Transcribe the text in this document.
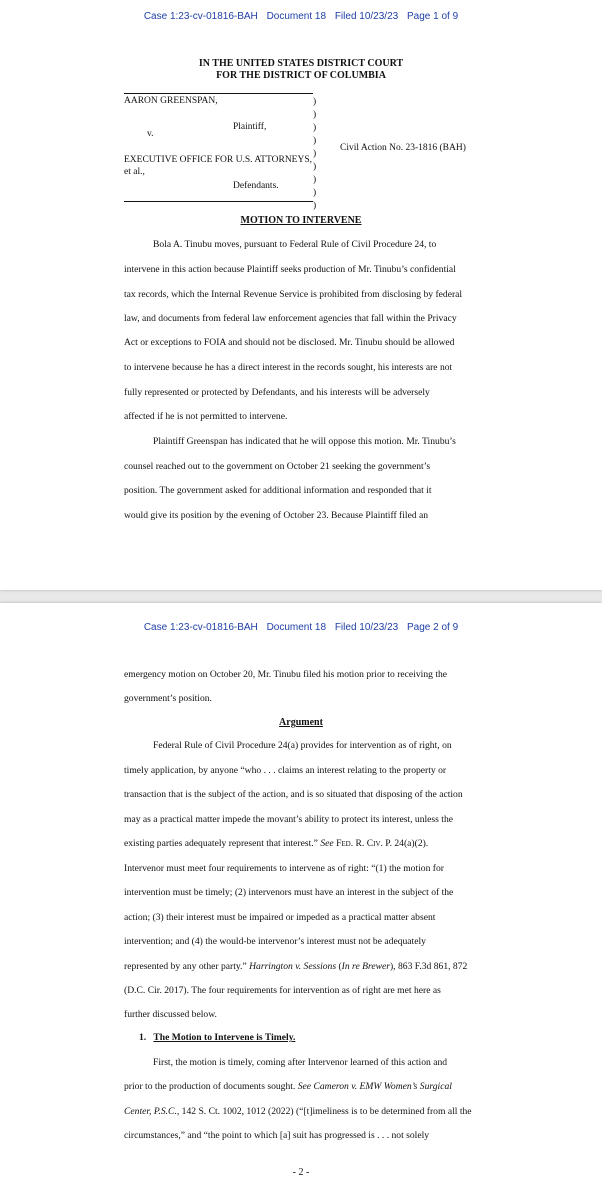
Case 1:23-cv-01816-BAH Document 18 Filed 10/23/23 Page 1 of 9
IN THE UNITED STATES DISTRICT COURT
FOR THE DISTRICT OF COLUMBIA
AARON GREENSPAN,
Plaintiff,
v.
EXECUTIVE OFFICE FOR U.S. ATTORNEYS,
et al.,
Defendants.
)
)
)
)
)
)
)
)
)
Civil Action No. 23-1816 (BAH)
MOTION TO INTERVENE
Bola A. Tinubu moves, pursuant to Federal Rule of Civil Procedure 24, to
intervene in this action because Plaintiff seeks production of Mr. Tinubu’s confidential
tax records, which the Internal Revenue Service is prohibited from disclosing by federal
law, and documents from federal law enforcement agencies that fall within the Privacy
Act or exceptions to FOIA and should not be disclosed. Mr. Tinubu should be allowed
to intervene because he has a direct interest in the records sought, his interests are not
fully represented or protected by Defendants, and his interests will be adversely
affected if he is not permitted to intervene.
Plaintiff Greenspan has indicated that he will oppose this motion. Mr. Tinubu’s
counsel reached out to the government on October 21 seeking the government’s
position. The government asked for additional information and responded that it
would give its position by the evening of October 23. Because Plaintiff filed an
Case 1:23-cv-01816-BAH Document 18 Filed 10/23/23 Page 2 of 9
emergency motion on October 20, Mr. Tinubu filed his motion prior to receiving the
government’s position.
Argument
Federal Rule of Civil Procedure 24(a) provides for intervention as of right, on
timely application, by anyone “who . . . claims an interest relating to the property or
transaction that is the subject of the action, and is so situated that disposing of the action
may as a practical matter impede the movant’s ability to protect its interest, unless the
existing parties adequately represent that interest.” See Fed. R. Civ. P. 24(a)(2).
Intervenor must meet four requirements to intervene as of right: “(1) the motion for
intervention must be timely; (2) intervenors must have an interest in the subject of the
action; (3) their interest must be impaired or impeded as a practical matter absent
intervention; and (4) the would-be intervenor’s interest must not be adequately
represented by any other party.” Harrington v. Sessions (In re Brewer), 863 F.3d 861, 872
(D.C. Cir. 2017). The four requirements for intervention as of right are met here as
further discussed below.
1. The Motion to Intervene is Timely.
First, the motion is timely, coming after Intervenor learned of this action and
prior to the production of documents sought. See Cameron v. EMW Women’s Surgical
Center, P.S.C., 142 S. Ct. 1002, 1012 (2022) (“[t]imeliness is to be determined from all the
circumstances,” and “the point to which [a] suit has progressed is . . . not solely
- 2 -
